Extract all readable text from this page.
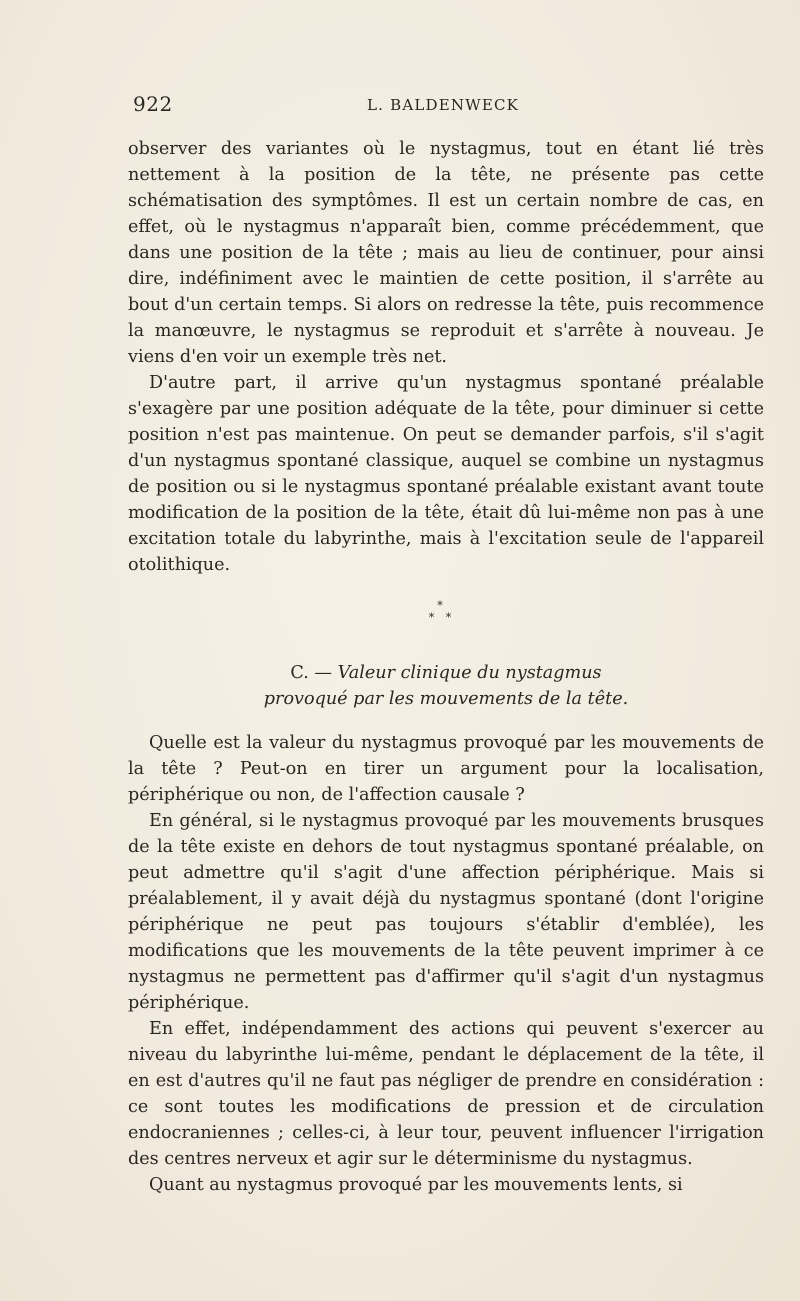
922	L. BALDENWECK

observer des variantes où le nystagmus, tout en étant lié très nettement à la position de la tête, ne présente pas cette schématisation des symptômes. Il est un certain nombre de cas, en effet, où le nystagmus n'apparaît bien, comme précédemment, que dans une position de la tête ; mais au lieu de continuer, pour ainsi dire, indéfiniment avec le maintien de cette position, il s'arrête au bout d'un certain temps. Si alors on redresse la tête, puis recommence la manœuvre, le nystagmus se reproduit et s'arrête à nouveau. Je viens d'en voir un exemple très net.

D'autre part, il arrive qu'un nystagmus spontané préalable s'exagère par une position adéquate de la tête, pour diminuer si cette position n'est pas maintenue. On peut se demander parfois, s'il s'agit d'un nystagmus spontané classique, auquel se combine un nystagmus de position ou si le nystagmus spontané préalable existant avant toute modification de la position de la tête, était dû lui-même non pas à une excitation totale du labyrinthe, mais à l'excitation seule de l'appareil otolithique.

*
* *
C. — Valeur clinique du nystagmus
provoqué par les mouvements de la tête.

Quelle est la valeur du nystagmus provoqué par les mouvements de la tête ? Peut-on en tirer un argument pour la localisation, périphérique ou non, de l'affection causale ?

En général, si le nystagmus provoqué par les mouvements brusques de la tête existe en dehors de tout nystagmus spontané préalable, on peut admettre qu'il s'agit d'une affection périphérique. Mais si préalablement, il y avait déjà du nystagmus spontané (dont l'origine périphérique ne peut pas toujours s'établir d'emblée), les modifications que les mouvements de la tête peuvent imprimer à ce nystagmus ne permettent pas d'affirmer qu'il s'agit d'un nystagmus périphérique.

En effet, indépendamment des actions qui peuvent s'exercer au niveau du labyrinthe lui-même, pendant le déplacement de la tête, il en est d'autres qu'il ne faut pas négliger de prendre en considération : ce sont toutes les modifications de pression et de circulation endocraniennes ; celles-ci, à leur tour, peuvent influencer l'irrigation des centres nerveux et agir sur le déterminisme du nystagmus.

Quant au nystagmus provoqué par les mouvements lents, si
